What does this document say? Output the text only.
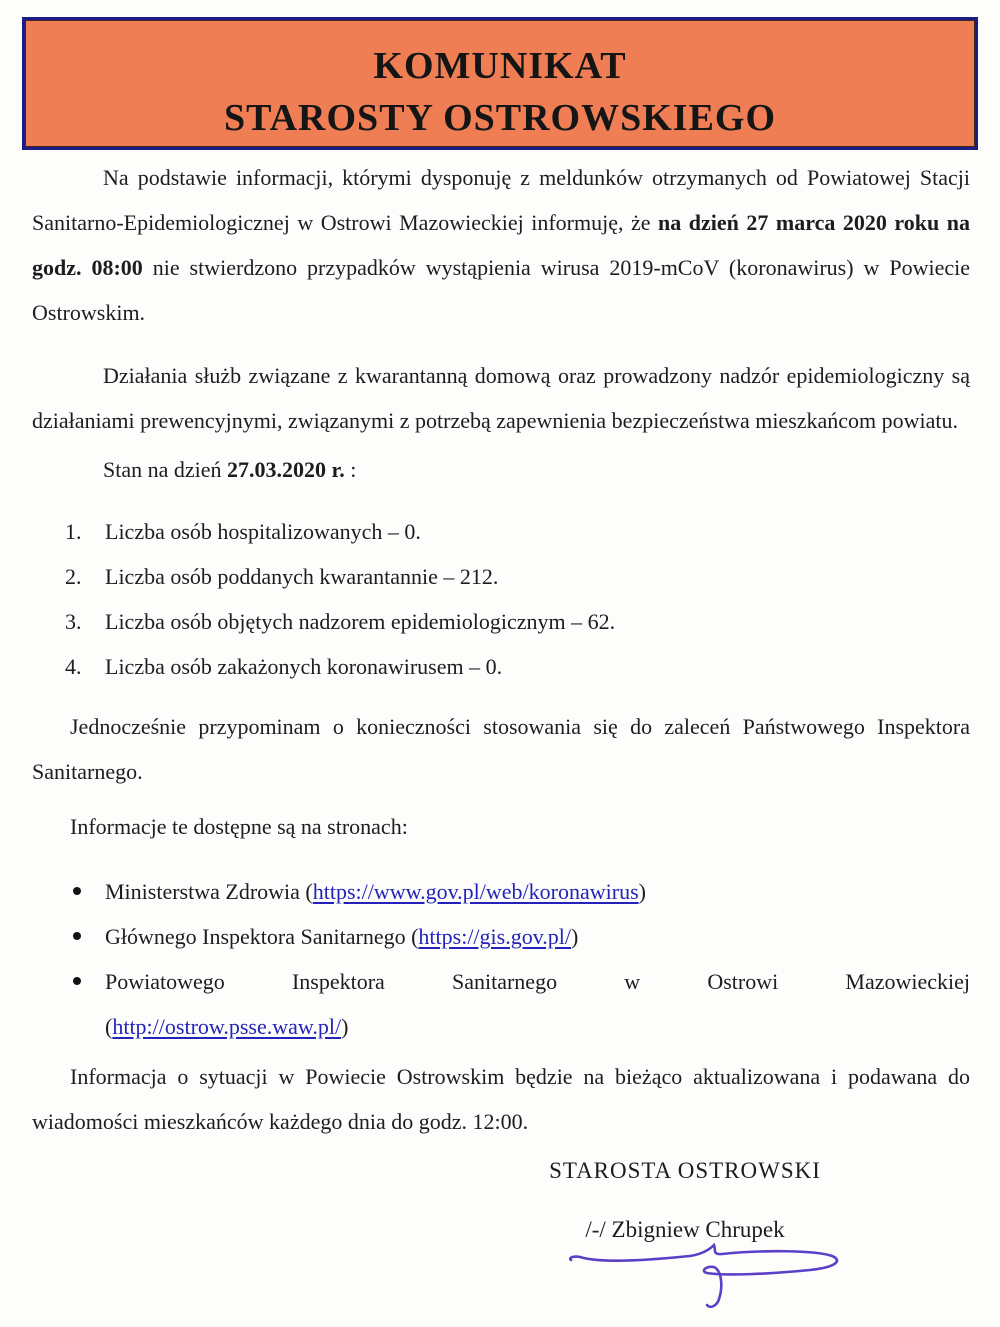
KOMUNIKAT
STAROSTY OSTROWSKIEGO

Na podstawie informacji, którymi dysponuję z meldunków otrzymanych od Powiatowej Stacji Sanitarno-Epidemiologicznej w Ostrowi Mazowieckiej informuję, że na dzień 27 marca 2020 roku na godz. 08:00 nie stwierdzono przypadków wystąpienia wirusa 2019-mCoV (koronawirus) w Powiecie Ostrowskim.

Działania służb związane z kwarantanną domową oraz prowadzony nadzór epidemiologiczny są działaniami prewencyjnymi, związanymi z potrzebą zapewnienia bezpieczeństwa mieszkańcom powiatu.

Stan na dzień 27.03.2020 r. :

1.	Liczba osób hospitalizowanych – 0.
2.	Liczba osób poddanych kwarantannie – 212.
3.	Liczba osób objętych nadzorem epidemiologicznym – 62.
4.	Liczba osób zakażonych koronawirusem – 0.

Jednocześnie przypominam o konieczności stosowania się do zaleceń Państwowego Inspektora Sanitarnego.

Informacje te dostępne są na stronach:

Ministerstwa Zdrowia (https://www.gov.pl/web/koronawirus)
Głównego Inspektora Sanitarnego (https://gis.gov.pl/)
Powiatowego Inspektora Sanitarnego w Ostrowi Mazowieckiej
(http://ostrow.psse.waw.pl/)

Informacja o sytuacji w Powiecie Ostrowskim będzie na bieżąco aktualizowana i podawana do wiadomości mieszkańców każdego dnia do godz. 12:00.

STAROSTA OSTROWSKI
/-/ Zbigniew Chrupek
